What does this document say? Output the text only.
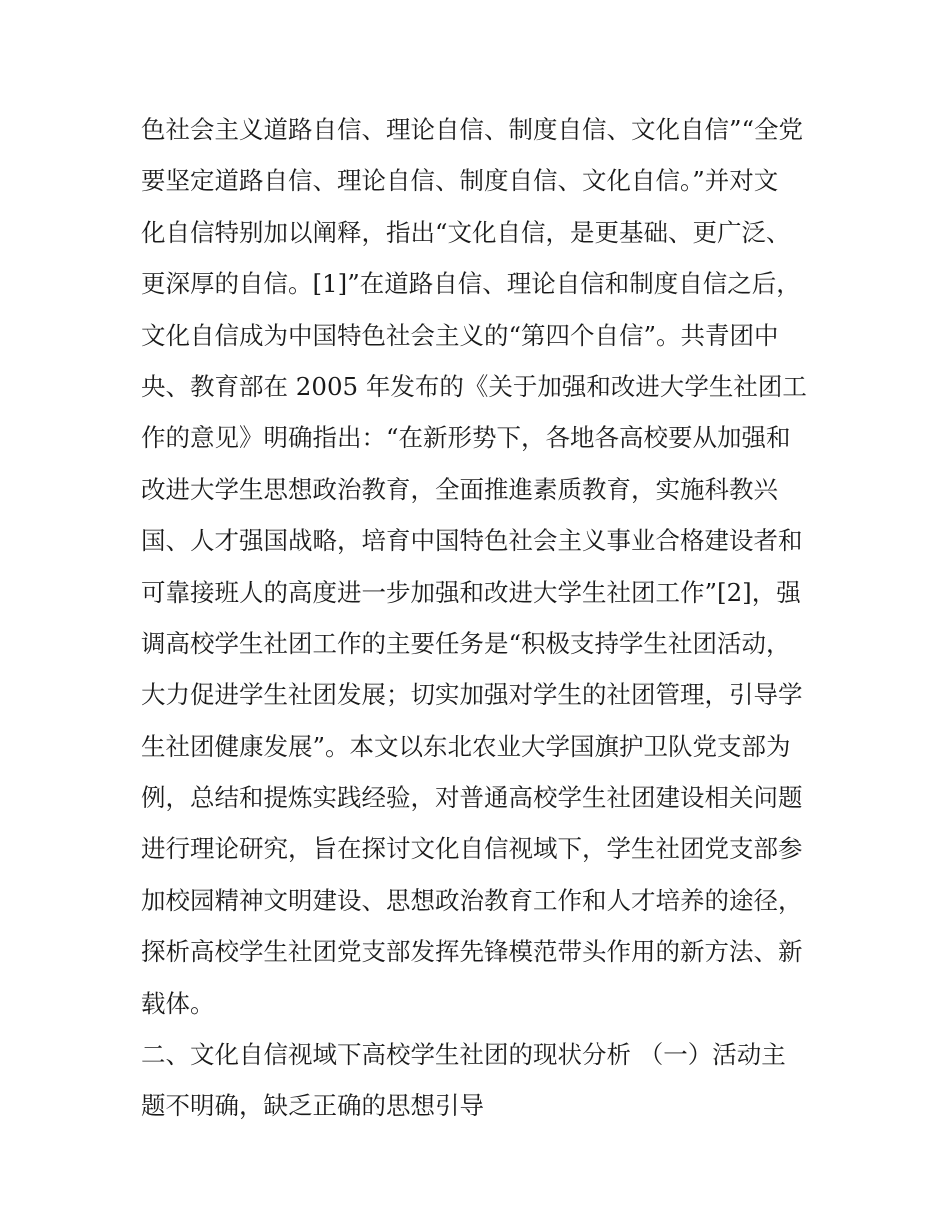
色社会主义道路自信、理论自信、制度自信、文化自信”“全党
要坚定道路自信、理论自信、制度自信、文化自信。”并对文
化自信特别加以阐释，指出“文化自信，是更基础、更广泛、
更深厚的自信。[1]”在道路自信、理论自信和制度自信之后，
文化自信成为中国特色社会主义的“第四个自信”。共青团中
央、教育部在 2005 年发布的《关于加强和改进大学生社团工
作的意见》明确指出：“在新形势下，各地各高校要从加强和
改进大学生思想政治教育，全面推進素质教育，实施科教兴
国、人才强国战略，培育中国特色社会主义事业合格建设者和
可靠接班人的高度进一步加强和改进大学生社团工作”[2]，强
调高校学生社团工作的主要任务是“积极支持学生社团活动，
大力促进学生社团发展；切实加强对学生的社团管理，引导学
生社团健康发展”。本文以东北农业大学国旗护卫队党支部为
例，总结和提炼实践经验，对普通高校学生社团建设相关问题
进行理论研究，旨在探讨文化自信视域下，学生社团党支部参
加校园精神文明建设、思想政治教育工作和人才培养的途径，
探析高校学生社团党支部发挥先锋模范带头作用的新方法、新
载体。
二、文化自信视域下高校学生社团的现状分析 （一）活动主
题不明确，缺乏正确的思想引导
